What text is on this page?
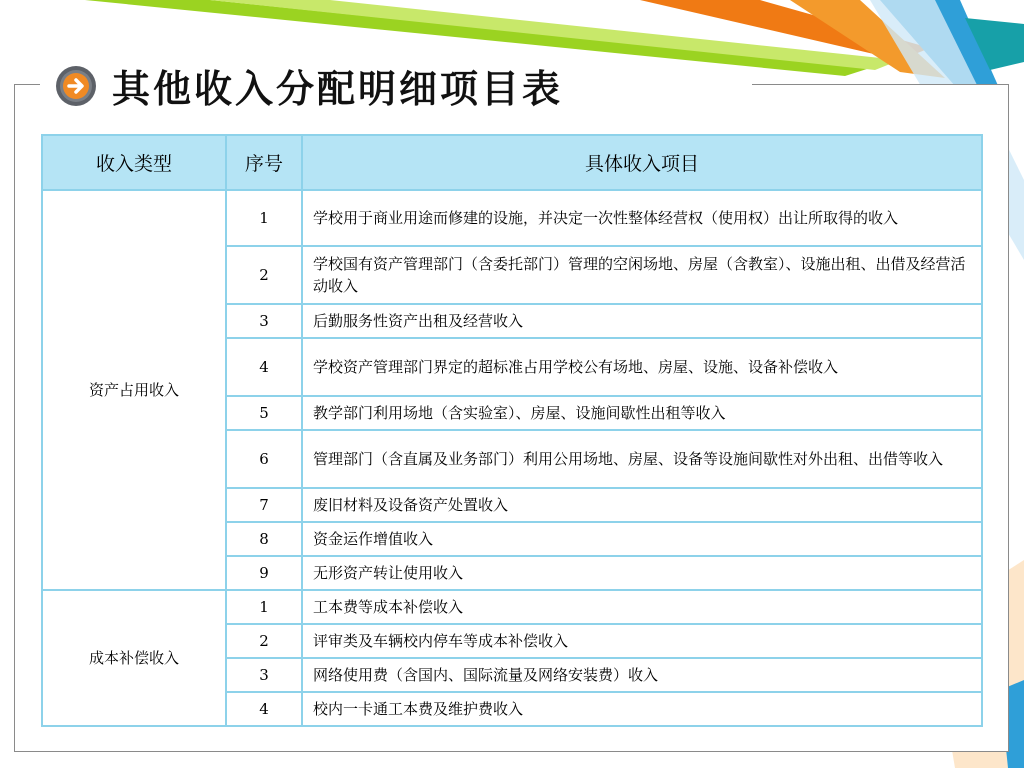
其他收入分配明细项目表
收入类型	序号	具体收入项目
资产占用收入	1	学校用于商业用途而修建的设施，并决定一次性整体经营权（使用权）出让所取得的收入
	2	学校国有资产管理部门（含委托部门）管理的空闲场地、房屋（含教室）、设施出租、出借及经营活动收入
	3	后勤服务性资产出租及经营收入
	4	学校资产管理部门界定的超标准占用学校公有场地、房屋、设施、设备补偿收入
	5	教学部门利用场地（含实验室）、房屋、设施间歇性出租等收入
	6	管理部门（含直属及业务部门）利用公用场地、房屋、设备等设施间歇性对外出租、出借等收入
	7	废旧材料及设备资产处置收入
	8	资金运作增值收入
	9	无形资产转让使用收入
成本补偿收入	1	工本费等成本补偿收入
	2	评审类及车辆校内停车等成本补偿收入
	3	网络使用费（含国内、国际流量及网络安装费）收入
	4	校内一卡通工本费及维护费收入
